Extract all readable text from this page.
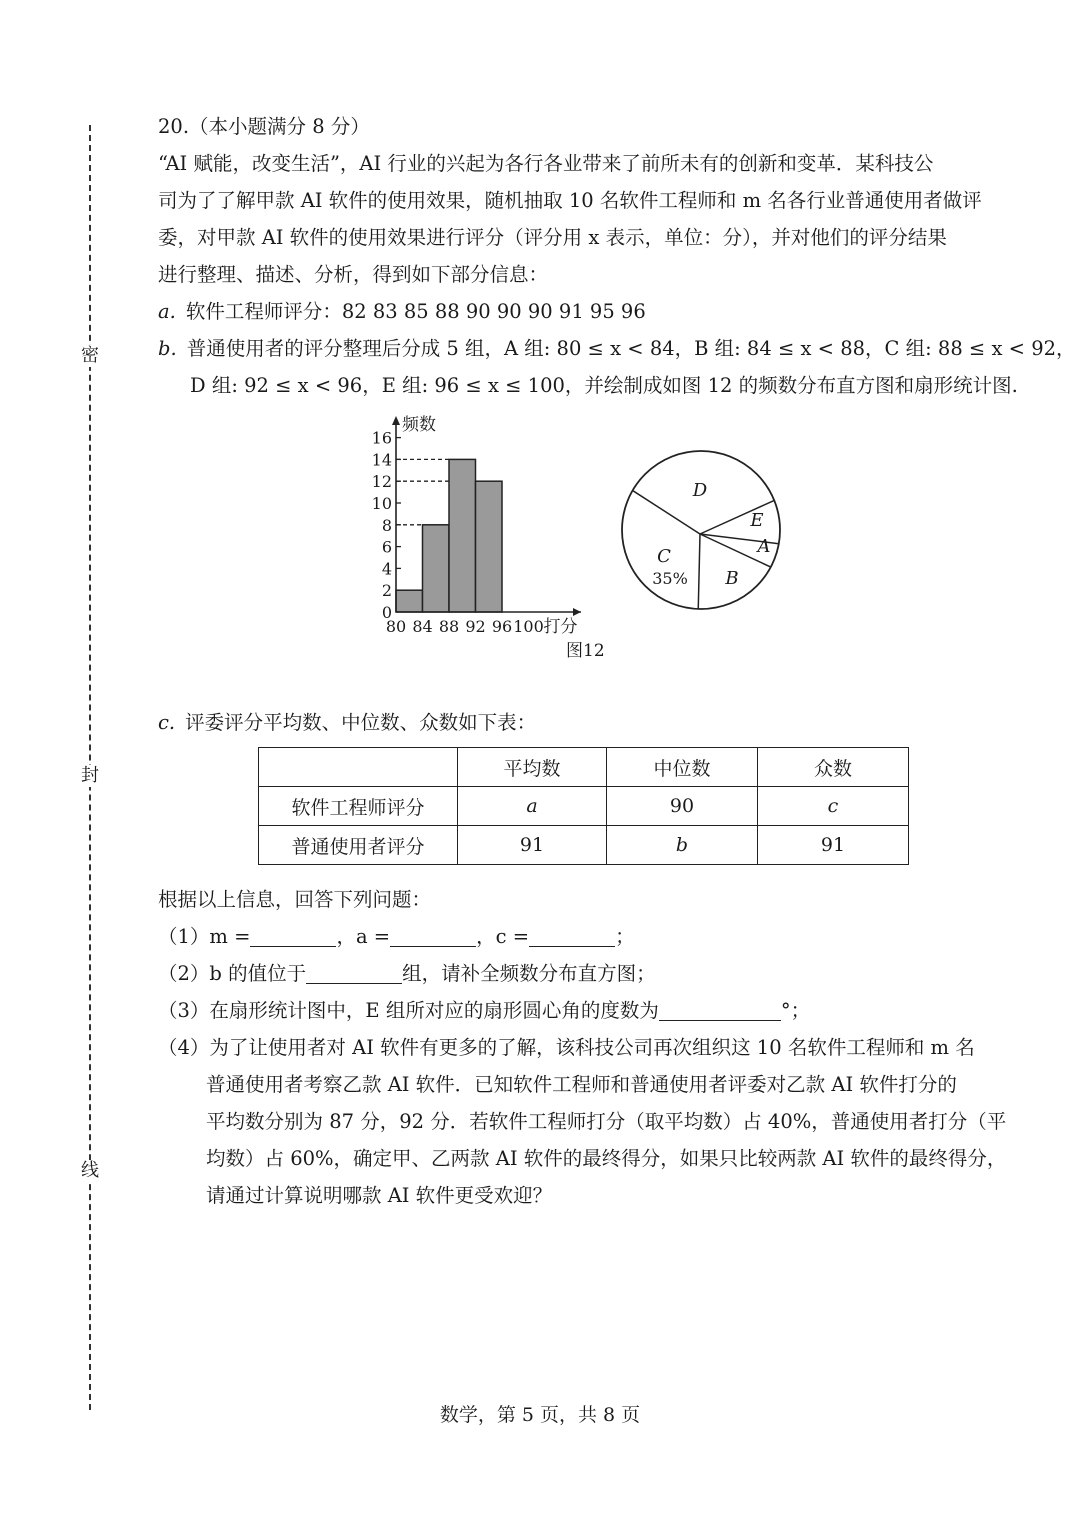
密
封
线
20.（本小题满分 8 分）
“AI 赋能，改变生活”，AI 行业的兴起为各行各业带来了前所未有的创新和变革．某科技公
司为了了解甲款 AI 软件的使用效果，随机抽取 10 名软件工程师和 m 名各行业普通使用者做评
委，对甲款 AI 软件的使用效果进行评分（评分用 x 表示，单位：分），并对他们的评分结果
进行整理、描述、分析，得到如下部分信息：
a. 软件工程师评分：82 83 85 88 90 90 90 91 95 96
b. 普通使用者的评分整理后分成 5 组，A 组: 80 ≤ x < 84，B 组: 84 ≤ x < 88，C 组: 88 ≤ x < 92，
D 组: 92 ≤ x < 96，E 组: 96 ≤ x ≤ 100，并绘制成如图 12 的频数分布直方图和扇形统计图.
0
2
4
6
8
10
12
14
16
80 84 88 92 96 100
频数
打分
D
E
A
B
C
35%
图12
c. 评委评分平均数、中位数、众数如下表：
	平均数	中位数	众数
软件工程师评分	a	90	c
普通使用者评分	91	b	91
根据以上信息，回答下列问题：
（1）m =	，a =	，c =	；
（2）b 的值位于	组，请补全频数分布直方图；
（3）在扇形统计图中，E 组所对应的扇形圆心角的度数为	°；
（4）为了让使用者对 AI 软件有更多的了解，该科技公司再次组织这 10 名软件工程师和 m 名
普通使用者考察乙款 AI 软件．已知软件工程师和普通使用者评委对乙款 AI 软件打分的
平均数分别为 87 分，92 分．若软件工程师打分（取平均数）占 40%，普通使用者打分（平
均数）占 60%，确定甲、乙两款 AI 软件的最终得分，如果只比较两款 AI 软件的最终得分，
请通过计算说明哪款 AI 软件更受欢迎？
数学，第 5 页，共 8 页
